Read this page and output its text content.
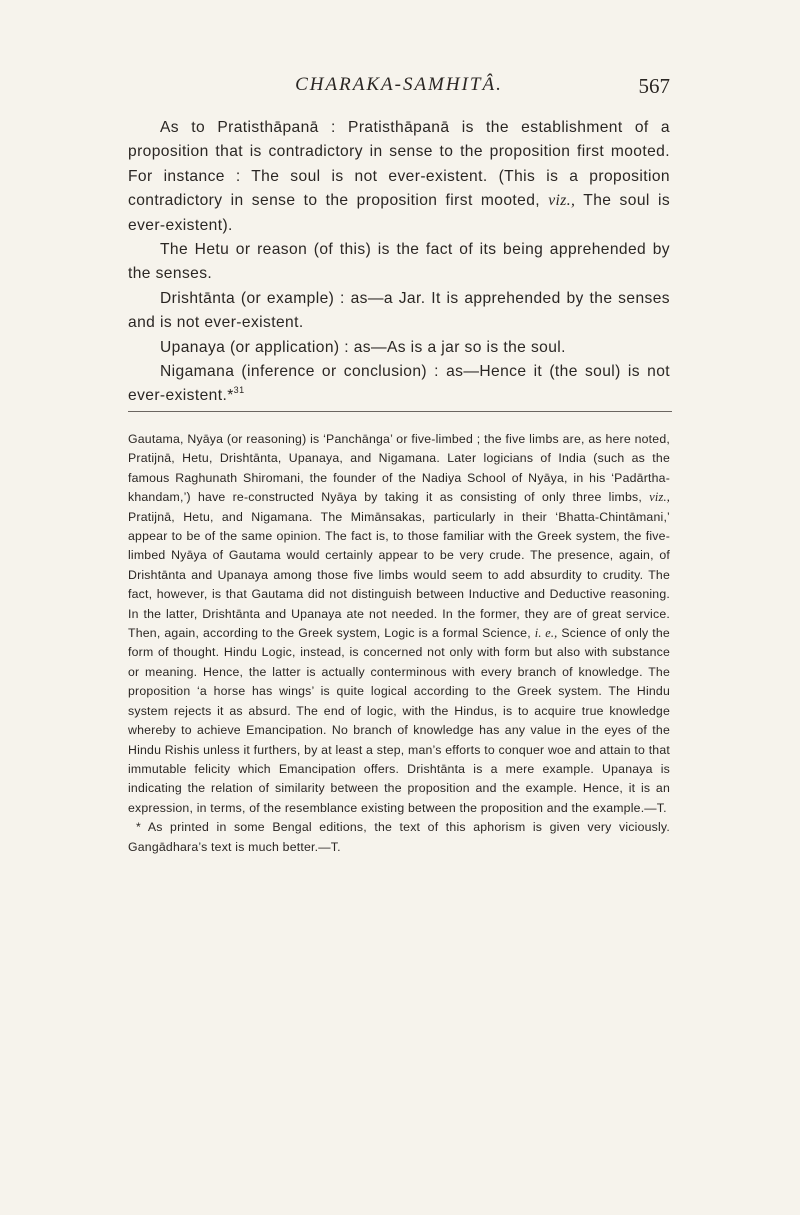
CHARAKA-SAMHITÂ.	567

As to Pratisthāpanā : Pratisthāpanā is the establishment of a proposition that is contradictory in sense to the proposition first mooted. For instance : The soul is not ever-existent. (This is a proposition contradictory in sense to the proposition first mooted, viz., The soul is ever-existent).

The Hetu or reason (of this) is the fact of its being apprehended by the senses.

Drishtānta (or example) : as—a Jar. It is apprehended by the senses and is not ever-existent.

Upanaya (or application) : as—As is a jar so is the soul.

Nigamana (inference or conclusion) : as—Hence it (the soul) is not ever-existent.*$^{31}$

Gautama, Nyāya (or reasoning) is ‘Panchānga’ or five-limbed ; the five limbs are, as here noted, Pratijnā, Hetu, Drishtānta, Upanaya, and Nigamana. Later logicians of India (such as the famous Raghunath Shiromani, the founder of the Nadiya School of Nyāya, in his ‘Padārtha-khandam,’) have re-constructed Nyāya by taking it as consisting of only three limbs, viz., Pratijnā, Hetu, and Nigamana. The Mimānsakas, particularly in their ‘Bhatta-Chintāmani,’ appear to be of the same opinion. The fact is, to those familiar with the Greek system, the five-limbed Nyāya of Gautama would certainly appear to be very crude. The presence, again, of Drishtānta and Upanaya among those five limbs would seem to add absurdity to crudity. The fact, however, is that Gautama did not distinguish between Inductive and Deductive reasoning. In the latter, Drishtānta and Upanaya ate not needed. In the former, they are of great service. Then, again, according to the Greek system, Logic is a formal Science, i. e., Science of only the form of thought. Hindu Logic, instead, is concerned not only with form but also with substance or meaning. Hence, the latter is actually conterminous with every branch of knowledge. The proposition ‘a horse has wings’ is quite logical according to the Greek system. The Hindu system rejects it as absurd. The end of logic, with the Hindus, is to acquire true knowledge whereby to achieve Emancipation. No branch of knowledge has any value in the eyes of the Hindu Rishis unless it furthers, by at least a step, man’s efforts to conquer woe and attain to that immutable felicity which Emancipation offers. Drishtānta is a mere example. Upanaya is indicating the relation of similarity between the proposition and the example. Hence, it is an expression, in terms, of the resemblance existing between the proposition and the example.—T.

* As printed in some Bengal editions, the text of this aphorism is given very viciously. Gangādhara’s text is much better.—T.
